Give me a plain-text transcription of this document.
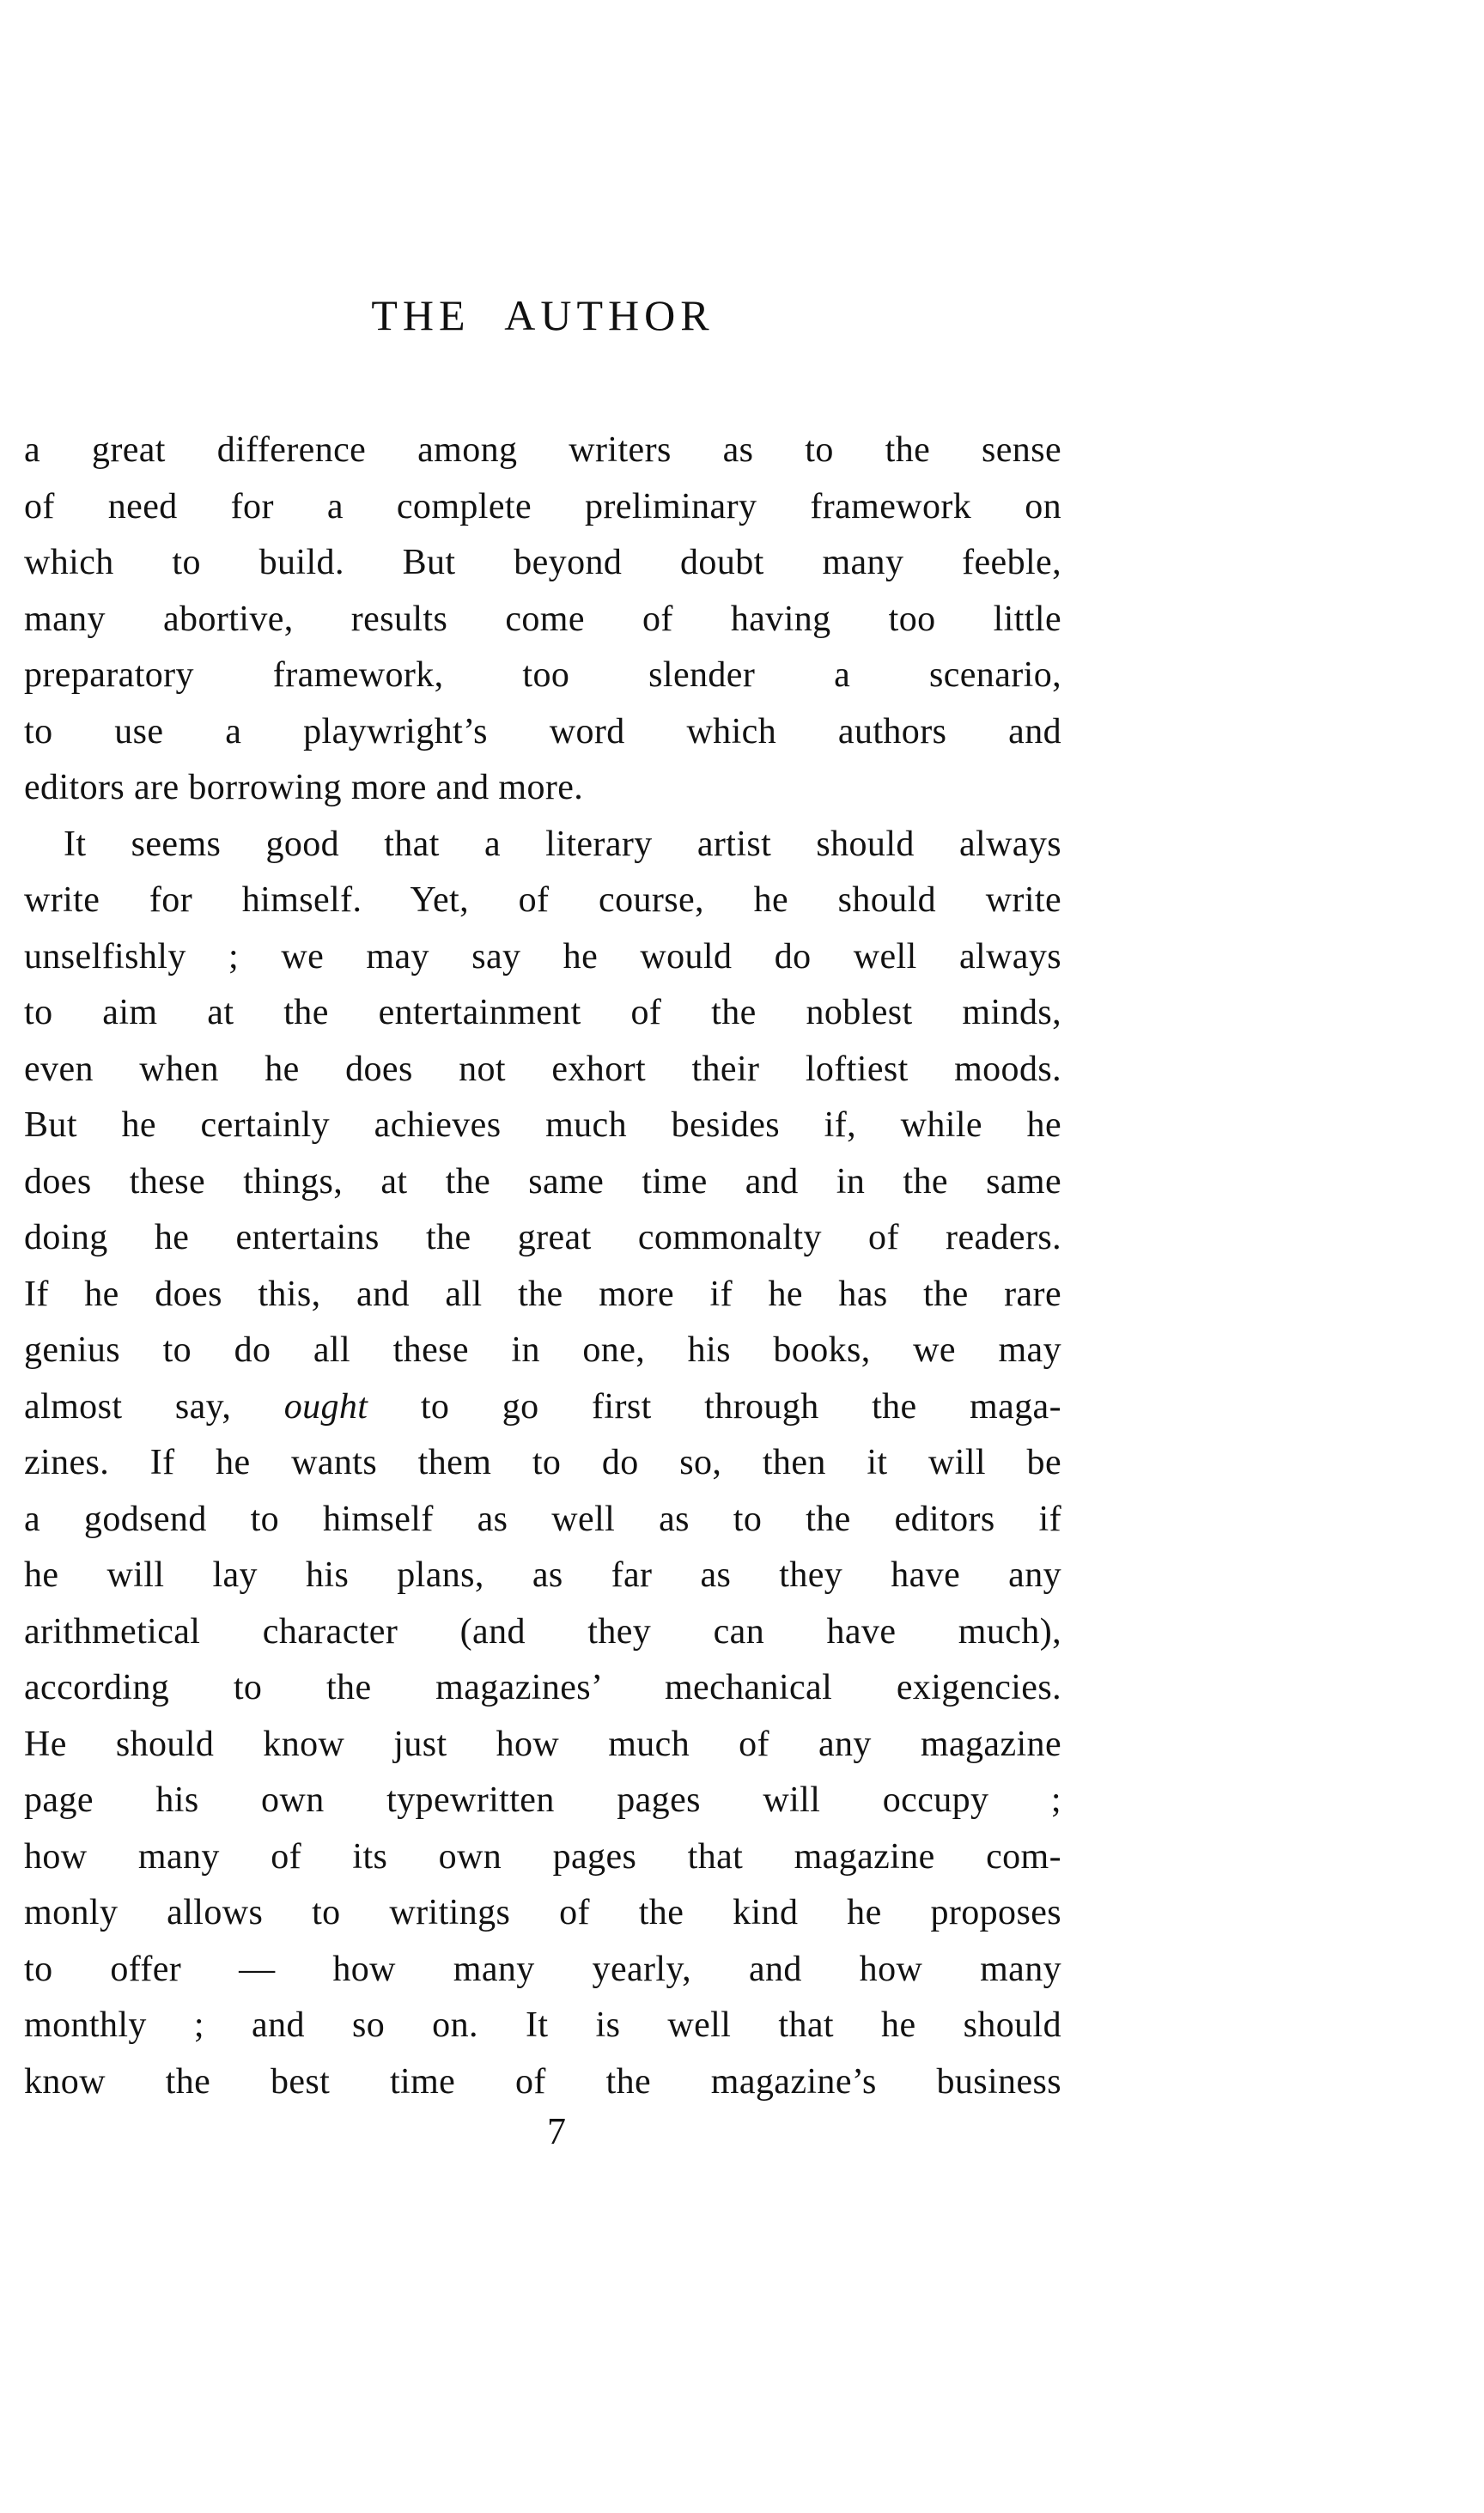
THE AUTHOR
a great difference among writers as to the sense
of need for a complete preliminary framework on
which to build. But beyond doubt many feeble,
many abortive, results come of having too little
preparatory framework, too slender a scenario,
to use a playwright’s word which authors and
editors are borrowing more and more.
It seems good that a literary artist should always
write for himself. Yet, of course, he should write
unselfishly ; we may say he would do well always
to aim at the entertainment of the noblest minds,
even when he does not exhort their loftiest moods.
But he certainly achieves much besides if, while he
does these things, at the same time and in the same
doing he entertains the great commonalty of readers.
If he does this, and all the more if he has the rare
genius to do all these in one, his books, we may
almost say, ought to go first through the maga-
zines. If he wants them to do so, then it will be
a godsend to himself as well as to the editors if
he will lay his plans, as far as they have any
arithmetical character (and they can have much),
according to the magazines’ mechanical exigencies.
He should know just how much of any magazine
page his own typewritten pages will occupy ;
how many of its own pages that magazine com-
monly allows to writings of the kind he proposes
to offer — how many yearly, and how many
monthly ; and so on. It is well that he should
know the best time of the magazine’s business
7
